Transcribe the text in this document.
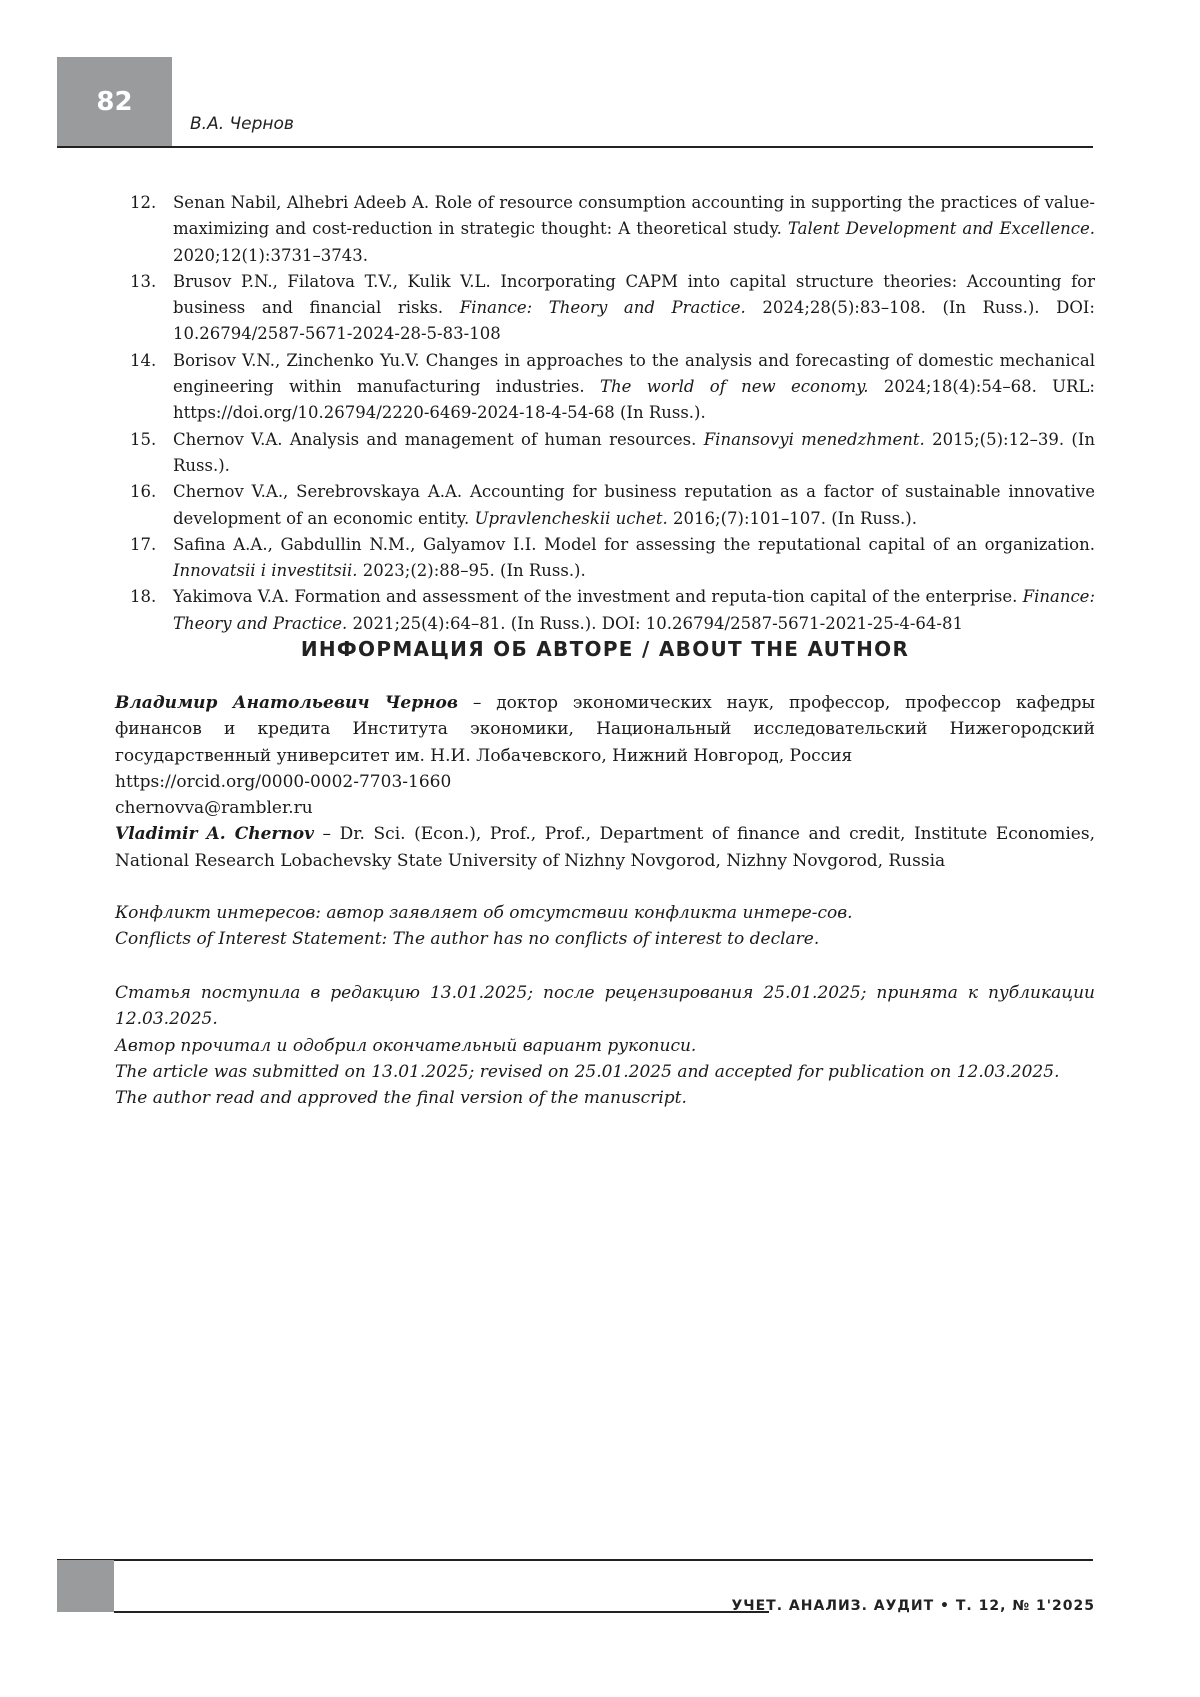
82
В.А. Чернов
12.	Senan Nabil, Alhebri Adeeb A. Role of resource consumption accounting in supporting the practices of value-maximizing and cost-reduction in strategic thought: A theoretical study. Talent Development and Excellence. 2020;12(1):3731–3743.
13.	Brusov P.N., Filatova T.V., Kulik V.L. Incorporating CAPM into capital structure theories: Accounting for business and financial risks. Finance: Theory and Practice. 2024;28(5):83–108. (In Russ.). DOI: 10.26794/2587-5671-2024-28-5-83-108
14.	Borisov V.N., Zinchenko Yu.V. Changes in approaches to the analysis and forecasting of domestic mechanical engineering within manufacturing industries. The world of new economy. 2024;18(4):54–68. URL: https://doi.org/10.26794/2220-6469-2024-18-4-54-68 (In Russ.).
15.	Chernov V.A. Analysis and management of human resources. Finansovyi menedzhment. 2015;(5):12–39. (In Russ.).
16.	Chernov V.A., Serebrovskaya A.A. Accounting for business reputation as a factor of sustainable innovative development of an economic entity. Upravlencheskii uchet. 2016;(7):101–107. (In Russ.).
17.	Safina A.A., Gabdullin N.M., Galyamov I.I. Model for assessing the reputational capital of an organization. Innovatsii i investitsii. 2023;(2):88–95. (In Russ.).
18.	Yakimova V.A. Formation and assessment of the investment and reputa-tion capital of the enterprise. Finance: Theory and Practice. 2021;25(4):64–81. (In Russ.). DOI: 10.26794/2587-5671-2021-25-4-64-81
ИНФОРМАЦИЯ ОБ АВТОРЕ / ABOUT THE AUTHOR

Владимир Анатольевич Чернов – доктор экономических наук, профессор, профессор кафедры финансов и кредита Института экономики, Национальный исследовательский Нижегородский государственный университет им. Н.И. Лобачевского, Нижний Новгород, Россия

https://orcid.org/0000-0002-7703-1660

chernovva@rambler.ru

Vladimir A. Chernov – Dr. Sci. (Econ.), Prof., Prof., Department of finance and credit, Institute Economies, National Research Lobachevsky State University of Nizhny Novgorod, Nizhny Novgorod, Russia

Конфликт интересов: автор заявляет об отсутствии конфликта интере-сов.

Conflicts of Interest Statement: The author has no conflicts of interest to declare.

Статья поступила в редакцию 13.01.2025; после рецензирования 25.01.2025; принята к публикации 12.03.2025.

Автор прочитал и одобрил окончательный вариант рукописи.

The article was submitted on 13.01.2025; revised on 25.01.2025 and accepted for publication on 12.03.2025.

The author read and approved the final version of the manuscript.

УЧЕТ. АНАЛИЗ. АУДИТ • Т. 12, № 1'2025
